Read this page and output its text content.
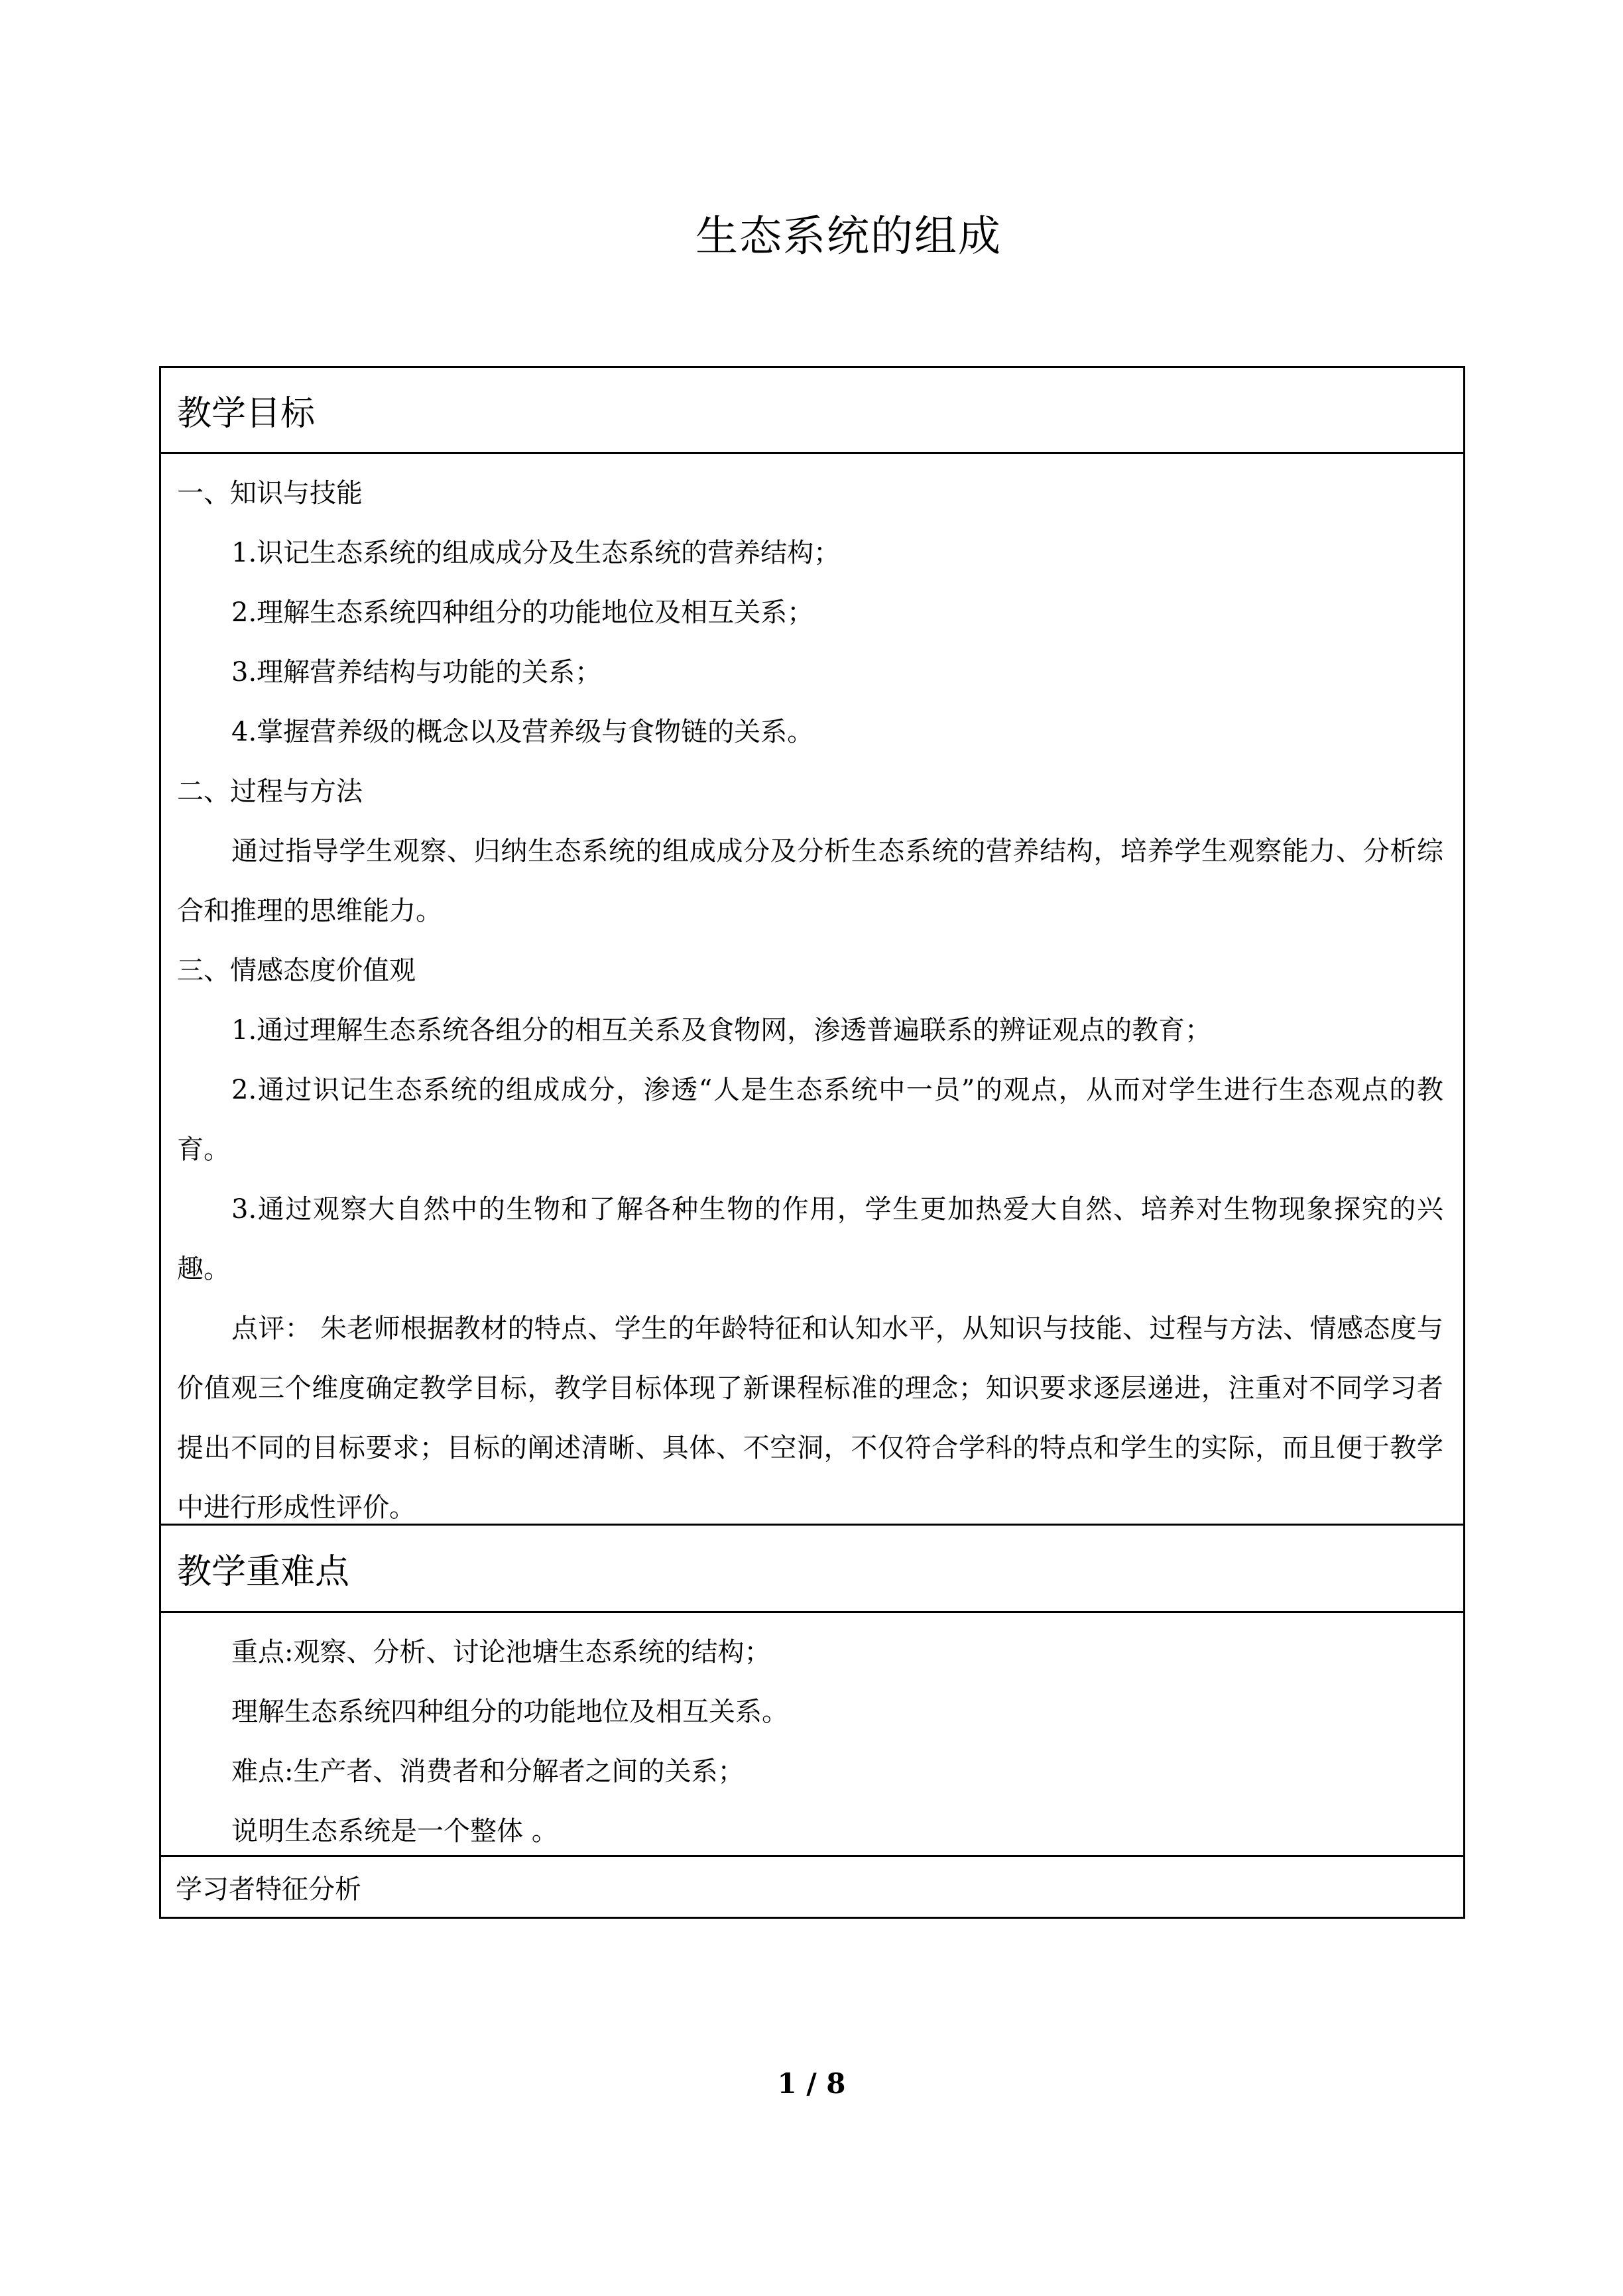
生态系统的组成
教学目标
一、知识与技能
1.识记生态系统的组成成分及生态系统的营养结构；
2.理解生态系统四种组分的功能地位及相互关系；
3.理解营养结构与功能的关系；
4.掌握营养级的概念以及营养级与食物链的关系。
二、过程与方法
通过指导学生观察、归纳生态系统的组成成分及分析生态系统的营养结构，培养学生观察能力、分析综合和推理的思维能力。
三、情感态度价值观
1.通过理解生态系统各组分的相互关系及食物网，渗透普遍联系的辨证观点的教育；
2.通过识记生态系统的组成成分，渗透“人是生态系统中一员”的观点，从而对学生进行生态观点的教育。
3.通过观察大自然中的生物和了解各种生物的作用，学生更加热爱大自然、培养对生物现象探究的兴趣。
点评： 朱老师根据教材的特点、学生的年龄特征和认知水平，从知识与技能、过程与方法、情感态度与价值观三个维度确定教学目标，教学目标体现了新课程标准的理念；知识要求逐层递进，注重对不同学习者提出不同的目标要求；目标的阐述清晰、具体、不空洞，不仅符合学科的特点和学生的实际，而且便于教学中进行形成性评价。
教学重难点
重点:观察、分析、讨论池塘生态系统的结构；
理解生态系统四种组分的功能地位及相互关系。
难点:生产者、消费者和分解者之间的关系；
说明生态系统是一个整体 。
学习者特征分析
1 / 8
